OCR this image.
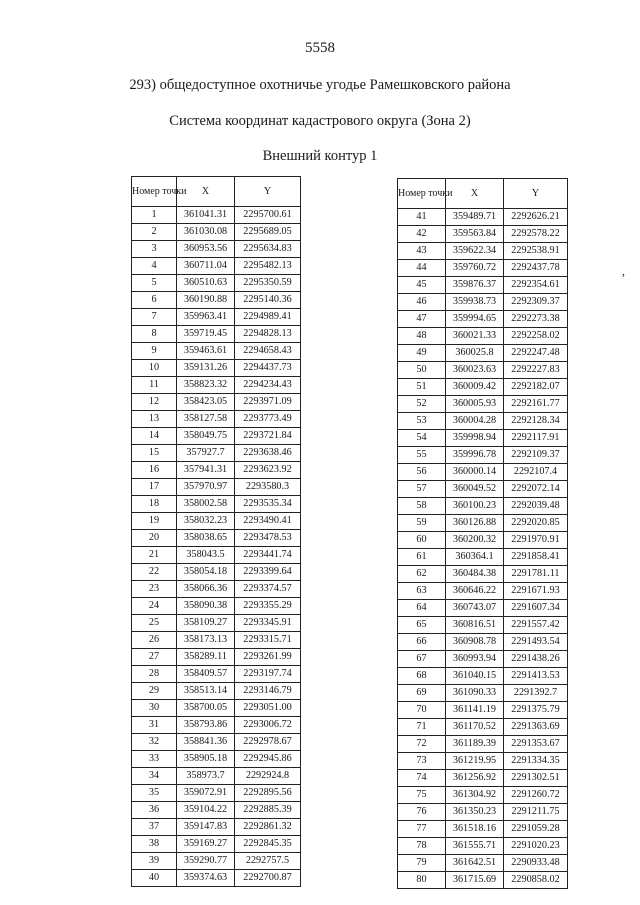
5558
293) общедоступное охотничье угодье Рамешковского района
Система координат кадастрового округа (Зона 2)
Внешний контур 1
Номер точки	X	Y
1	361041.31	2295700.61
2	361030.08	2295689.05
3	360953.56	2295634.83
4	360711.04	2295482.13
5	360510.63	2295350.59
6	360190.88	2295140.36
7	359963.41	2294989.41
8	359719.45	2294828.13
9	359463.61	2294658.43
10	359131.26	2294437.73
11	358823.32	2294234.43
12	358423.05	2293971.09
13	358127.58	2293773.49
14	358049.75	2293721.84
15	357927.7	2293638.46
16	357941.31	2293623.92
17	357970.97	2293580.3
18	358002.58	2293535.34
19	358032.23	2293490.41
20	358038.65	2293478.53
21	358043.5	2293441.74
22	358054.18	2293399.64
23	358066.36	2293374.57
24	358090.38	2293355.29
25	358109.27	2293345.91
26	358173.13	2293315.71
27	358289.11	2293261.99
28	358409.57	2293197.74
29	358513.14	2293146.79
30	358700.05	2293051.00
31	358793.86	2293006.72
32	358841.36	2292978.67
33	358905.18	2292945.86
34	358973.7	2292924.8
35	359072.91	2292895.56
36	359104.22	2292885.39
37	359147.83	2292861.32
38	359169.27	2292845.35
39	359290.77	2292757.5
40	359374.63	2292700.87
Номер точки	X	Y
41	359489.71	2292626.21
42	359563.84	2292578.22
43	359622.34	2292538.91
44	359760.72	2292437.78
45	359876.37	2292354.61
46	359938.73	2292309.37
47	359994.65	2292273.38
48	360021.33	2292258.02
49	360025.8	2292247.48
50	360023.63	2292227.83
51	360009.42	2292182.07
52	360005.93	2292161.77
53	360004.28	2292128.34
54	359998.94	2292117.91
55	359996.78	2292109.37
56	360000.14	2292107.4
57	360049.52	2292072.14
58	360100.23	2292039.48
59	360126.88	2292020.85
60	360200.32	2291970.91
61	360364.1	2291858.41
62	360484.38	2291781.11
63	360646.22	2291671.93
64	360743.07	2291607.34
65	360816.51	2291557.42
66	360908.78	2291493.54
67	360993.94	2291438.26
68	361040.15	2291413.53
69	361090.33	2291392.7
70	361141.19	2291375.79
71	361170.52	2291363.69
72	361189.39	2291353.67
73	361219.95	2291334.35
74	361256.92	2291302.51
75	361304.92	2291260.72
76	361350.23	2291211.75
77	361518.16	2291059.28
78	361555.71	2291020.23
79	361642.51	2290933.48
80	361715.69	2290858.02
,
